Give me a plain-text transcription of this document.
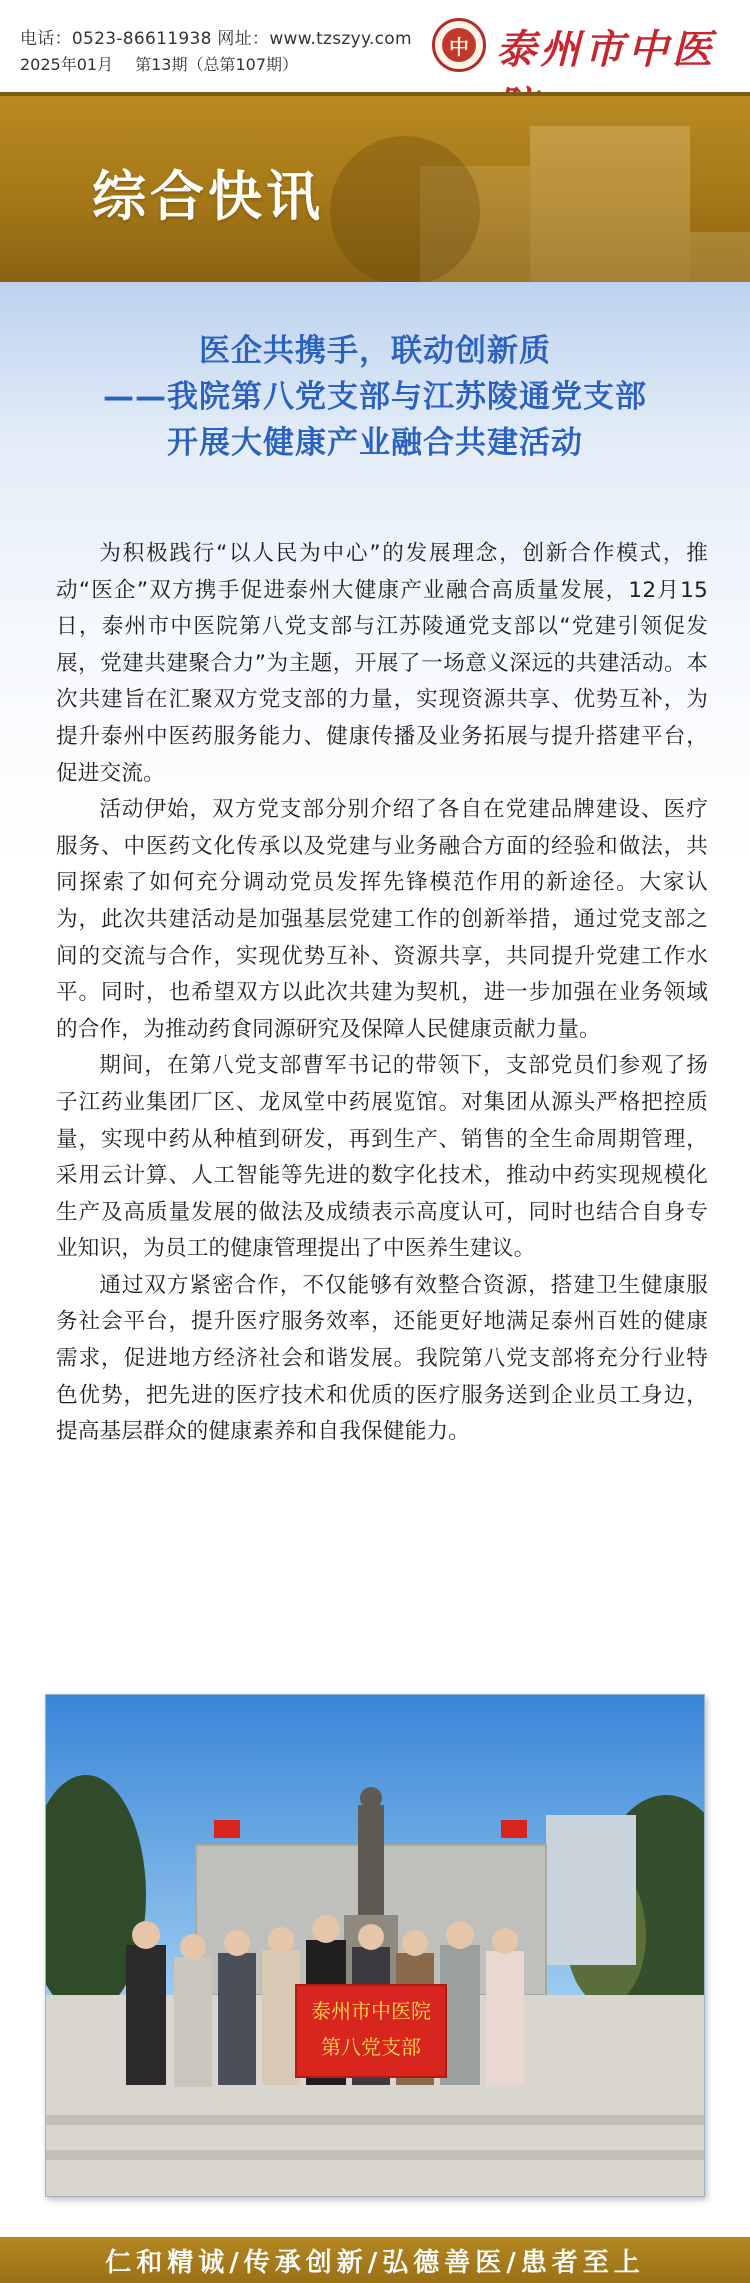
电话：0523-86611938 网址：www.tzszyy.com
2025年01月 第13期（总第107期）
中 泰州市中医
综合快讯
医企共携手，联动创新质
——我院第八党支部与江苏陵通党支部
开展大健康产业融合共建活动

为积极践行“以人民为中心”的发展理念，创新合作模式，推动“医企”双方携手促进泰州大健康产业融合高质量发展，12月15日，泰州市中医院第八党支部与江苏陵通党支部以“党建引领促发展，党建共建聚合力”为主题，开展了一场意义深远的共建活动。本次共建旨在汇聚双方党支部的力量，实现资源共享、优势互补，为提升泰州中医药服务能力、健康传播及业务拓展与提升搭建平台，促进交流。

活动伊始，双方党支部分别介绍了各自在党建品牌建设、医疗服务、中医药文化传承以及党建与业务融合方面的经验和做法，共同探索了如何充分调动党员发挥先锋模范作用的新途径。大家认为，此次共建活动是加强基层党建工作的创新举措，通过党支部之间的交流与合作，实现优势互补、资源共享，共同提升党建工作水平。同时，也希望双方以此次共建为契机，进一步加强在业务领域的合作，为推动药食同源研究及保障人民健康贡献力量。

期间，在第八党支部曹军书记的带领下，支部党员们参观了扬子江药业集团厂区、龙凤堂中药展览馆。对集团从源头严格把控质量，实现中药从种植到研发，再到生产、销售的全生命周期管理，采用云计算、人工智能等先进的数字化技术，推动中药实现规模化生产及高质量发展的做法及成绩表示高度认可，同时也结合自身专业知识，为员工的健康管理提出了中医养生建议。

通过双方紧密合作，不仅能够有效整合资源，搭建卫生健康服务社会平台，提升医疗服务效率，还能更好地满足泰州百姓的健康需求，促进地方经济社会和谐发展。我院第八党支部将充分行业特色优势，把先进的医疗技术和优质的医疗服务送到企业员工身边，提高基层群众的健康素养和自我保健能力。

泰州市中医院
第八党支部
仁和精诚/传承创新/弘德善医/患者至上
